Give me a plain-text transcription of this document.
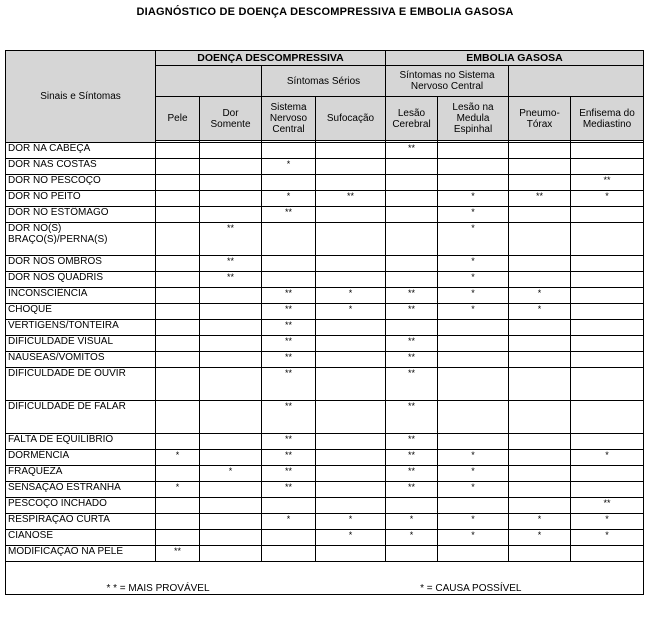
DIAGNÓSTICO DE DOENÇA DESCOMPRESSIVA E EMBOLIA GASOSA
Sinais e Síntomas	DOENÇA DESCOMPRESSIVA				EMBOLIA GASOSA			
			Síntomas Sérios		Síntomas no Sistema Nervoso Central			
	Pele	Dor Somente	Sistema Nervoso Central	Sufocação	Lesão Cerebral	Lesão na Medula Espinhal	Pneumo-Tórax	Enfisema do Mediastino

DOR NA CABEÇA					**			
DOR NAS COSTAS			*					
DOR NO PESCOÇO								**
DOR NO PEITO			*	**		*	**	*
DOR NO ESTÔMAGO			**			*		
DOR NO(S) BRAÇO(S)/PERNA(S)		**				*		
DOR NOS OMBROS		**				*		
DOR NOS QUADRIS		**				*		
INCONSCIÊNCIA			**	*	**	*	*	
CHOQUE			**	*	**	*	*	
VERTIGENS/TONTEIRA			**					
DIFICULDADE VISUAL			**		**			
NAUSEAS/VOMITOS			**		**			
DIFICULDADE DE OUVIR			**		**			
DIFICULDADE DE FALAR			**		**			
FALTA DE EQUILÍBRIO			**		**			
DORMÊNCIA	*		**		**	*		*
FRAQUEZA		*	**		**	*		
SENSAÇÃO ESTRANHA	*		**		**	*		
PESCOÇO INCHADO								**
RESPIRAÇÃO CURTA			*	*	*	*	*	*
CIANOSE				*	*	*	*	*
MODIFICAÇÃO NA PELE	**							
* * = MAIS PROVÁVEL * = CAUSA POSSÍVEL								
